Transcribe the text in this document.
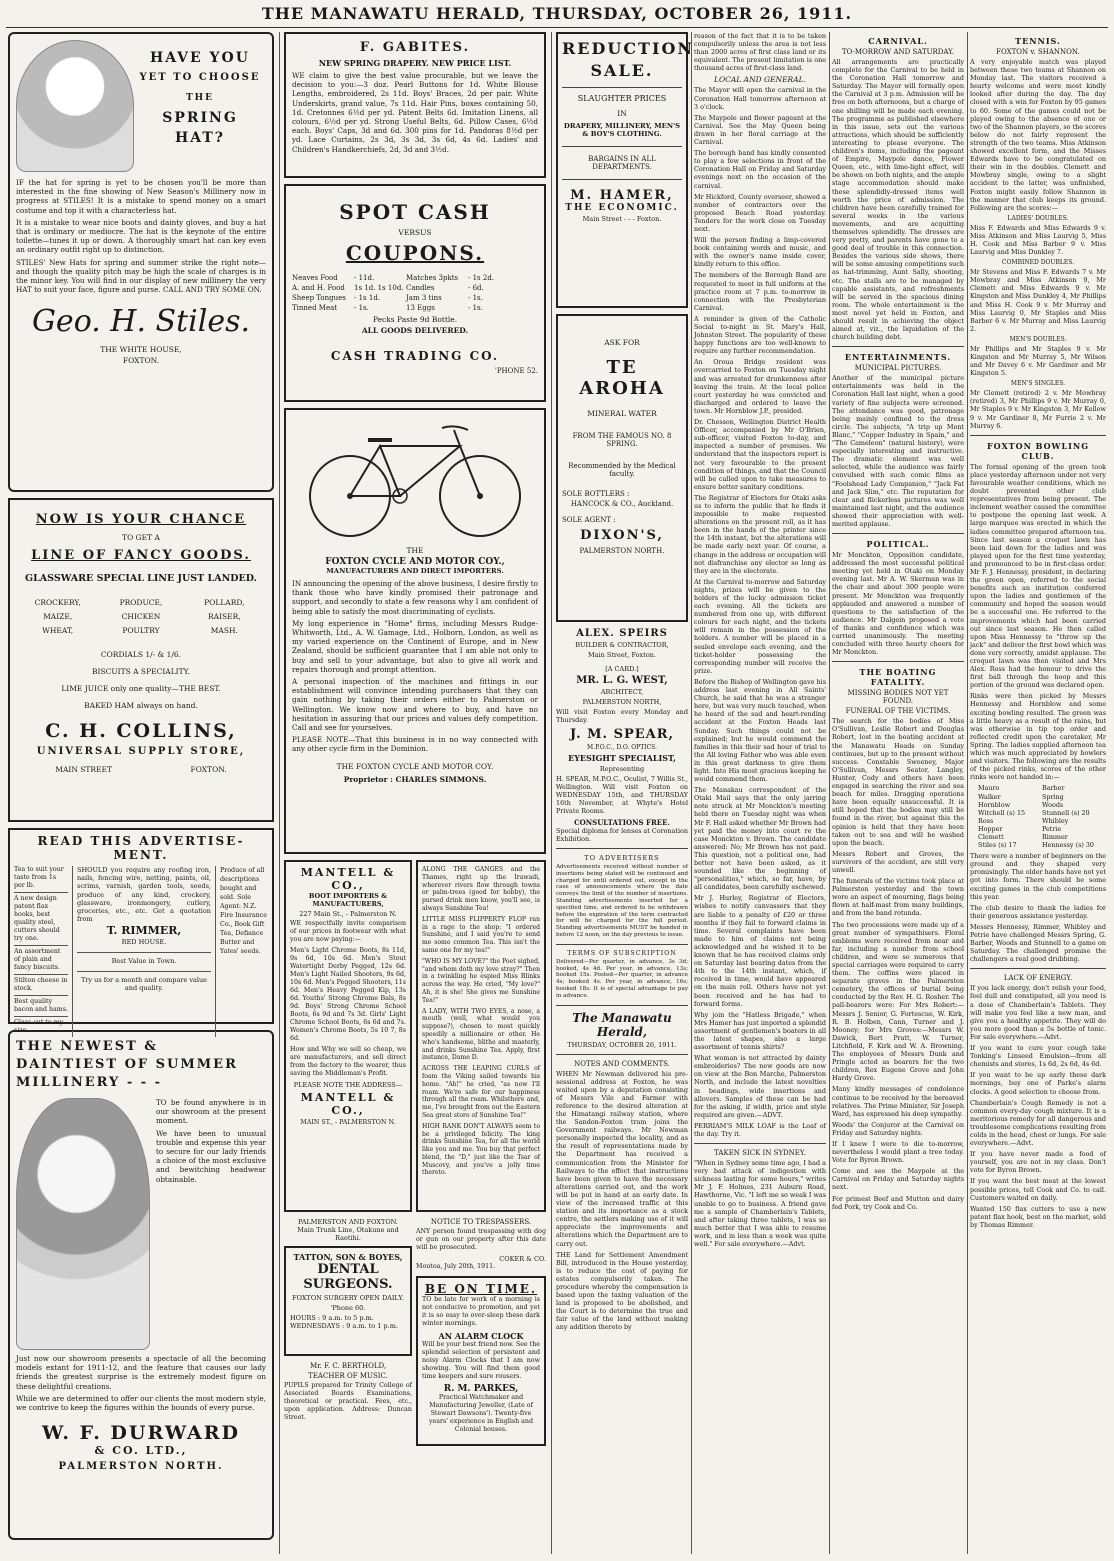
THE MANAWATU HERALD, THURSDAY, OCTOBER 26, 1911.
HAVE YOU
YET TO CHOOSE
THE
SPRING
HAT?

IF the hat for spring is yet to be chosen you'll be more than interested in the fine showing of New Season's Millinery now in progress at STILES! It is a mistake to spend money on a smart costume and top it with a characterless hat.

It is a mistake to wear nice boots and dainty gloves, and buy a hat that is ordinary or mediocre. The hat is the keynote of the entire toilette—tunes it up or down. A thoroughly smart hat can key even an ordinary outfit right up to distinction.

STILES' New Hats for spring and summer strike the right note—and though the quality pitch may be high the scale of charges is in the minor key. You will find in our display of new millinery the very HAT to suit your face, figure and purse. CALL AND TRY SOME ON.

Geo. H. Stiles.
THE WHITE HOUSE,
FOXTON.
NOW IS YOUR CHANCE
TO GET A
LINE OF FANCY GOODS.
GLASSWARE SPECIAL LINE JUST LANDED.
CROCKERY,	PRODUCE,	POLLARD,
MAIZE,	CHICKEN	RAISER,
WHEAT,	POULTRY	MASH.
CORDIALS 1/- & 1/6.
BISCUITS A SPECIALITY.
LIME JUICE only one quality—THE BEST.
BAKED HAM always on hand.
C. H. COLLINS,
UNIVERSAL SUPPLY STORE,
MAIN STREET	FOXTON.
READ THIS ADVERTISE-MENT.
Tea to suit your taste from 1s per lb.
A new design patent flax hooks, best quality steel, cutters should try one.
An assortment of plain and fancy biscuits.
Stilton cheese in stock.
Best quality bacon and hams.
Glass cut to my size.
SHOULD you require any roofing iron, nails, fencing wire, netting, paints, oil, scrims, varnish, garden tools, seeds, produce of any kind, crockery, glassware, ironmongery, cutlery, groceries, etc., etc. Get a quotation from
T. RIMMER,
RED HOUSE.
Best Value in Town.
Try us for a month and compare value and quality.
Produce of all descriptions bought and sold. Sole Agent: N.Z. Fire Insurance Co., Book Gift Tea, Defiance Butter and Yates' seeds.
THE NEWEST & DAINTIEST OF SUMMER MILLINERY - - -

TO be found anywhere is in our showroom at the present moment.

We have been to unusual trouble and expense this year to secure for our lady friends a choice of the most exclusive and bewitching headwear obtainable.

Just now our showroom presents a spectacle of all the becoming models extant for 1911-12, and the feature that causes our lady friends the greatest surprise is the extremely modest figure on these delightful creations.

While we are determined to offer our clients the most modern style, we contrive to keep the figures within the bounds of every purse.

W. F. DURWARD
& CO. LTD.,
PALMERSTON NORTH.
F. GABITES.
NEW SPRING DRAPERY. NEW PRICE LIST.

WE claim to give the best value procurable, but we leave the decision to you:—3 doz. Pearl Buttons for 1d. White Blouse Lengths, embroidered, 2s 11d. Boys' Braces, 2d per pair. White Underskirts, grand value, 7s 11d. Hair Pins, boxes containing 50, 1d. Cretonnes 6½d per yd. Patent Belts 6d. Imitation Linens, all colours, 6½d per yd. Strong Useful Belts, 6d. Pillow Cases, 6½d each. Boys' Caps, 3d and 6d. 300 pins for 1d. Pandoras 8½d per yd. Lace Curtains, 2s 3d, 3s 3d, 3s 6d, 4s 6d. Ladies' and Children's Handkerchiefs, 2d, 3d and 3½d.

SPOT CASH
VERSUS
COUPONS.
Neaves Food	- 11d.	Matches 3pkts	- 1s 2d.
A. and H. Food	1s 1d. 1s 10d. Candles	- 6d.
Sheep Tongues	- 1s 1d.	Jam 3 tins	- 1s.
Tinned Meat	- 1s.	13 Eggs	- 1s.
Pecks Paste 9d Bottle.
ALL GOODS DELIVERED.
CASH TRADING CO.
'PHONE 52.
THE
FOXTON CYCLE AND MOTOR COY.,
MANUFACTURERS AND DIRECT IMPORTERS.

IN announcing the opening of the above business, I desire firstly to thank those who have kindly promised their patronage and support, and secondly to state a few reasons why I am confident of being able to satisfy the most discriminating of cyclists.

My long experience in "Home" firms, including Messrs Rudge-Whitworth, Ltd., A. W. Gamage, Ltd., Holborn, London, as well as my varied experience on the Continent of Europe, and in New Zealand, should be sufficient guarantee that I am able not only to buy and sell to your advantage, but also to give all work and repairs thorough and prompt attention.

A personal inspection of the machines and fittings in our establishment will convince intending purchasers that they can gain nothing by taking their orders either to Palmerston or Wellington. We know now and where to buy, and have no hesitation in assuring that our prices and values defy competition. Call and see for yourselves.

PLEASE NOTE—That this business is in no way connected with any other cycle firm in the Dominion.

THE FOXTON CYCLE AND MOTOR COY.
Proprietor : CHARLES SIMMONS.
MANTELL & CO.,
BOOT IMPORTERS & MANUFACTURERS,
227 Main St., - Palmerston N.

WE respectfully invite comparison of our prices in footwear with what you are now paying:—

Men's Light Chrome Boots, 8s 11d, 9s 6d, 10s 6d. Men's Stout Watertight Derby Pegged, 12s 6d. Men's Light Nailed Shooters, 9s 6d, 10s 6d. Men's Pegged Shooters, 11s 6d. Men's Heavy Pegged Kip, 13s 6d. Youths' Strong Chrome Bals, 8s 9d. Boys' Strong Chrome School Boots, 6s 9d and 7s 3d. Girls' Light Chrome School Boots, 6s 6d and 7s. Women's Chrome Boots, 5s 10 7, 8s 6d.

How and Why we sell so cheap, we are manufacturers, and sell direct from the factory to the wearer, thus saving the Middleman's Profit.

PLEASE NOTE THE ADDRESS—
MANTELL & CO.,
MAIN ST., - PALMERSTON N.
PALMERSTON AND FOXTON.
Main Trunk Line, Otakune and Raetihi.
TATTON, SON & BOYES,
DENTAL SURGEONS.
FOXTON SURGERY OPEN DAILY.
'Phone 60.
HOURS : 9 a.m. to 5 p.m.
WEDNESDAYS : 9 a.m. to 1 p.m.
Mr. F. C. BERTHOLD,
TEACHER OF MUSIC.

PUPILS prepared for Trinity College of Associated Boards Examinations, theoretical or practical. Fees, etc., upon application. Address: Duncan Street.

ALONG THE GANGES and the Thames, right up the Irawadi, wherever rivers flow through towns or palm-trees (good for hobby), the pursed drink men know, you'll see, is always Sunshine Tea!

LITTLE MISS FLIPPERTY FLOP ran in a rage to the shop: "I ordered Sunshine, and I said you're to send me some common Tea. This isn't the same one for my tea!"

"WHO IS MY LOVE?" the Poet sighed, "and whom doth my love stray?" Then in a twinkling he espied Miss Blinks across the way. He cried, "My love?" Ah, it is she! She gives me Sunshine Tea!"

A LADY, WITH TWO EYES, a nose, a mouth (well, what would you suppose?), chosen to most quickly speedily a millionaire or other. He who's handsome, blithe and masterly, and drinks Sunshine Tea. Apply, first instance, Dame D.

ACROSS THE LEAPING CURLS of foam the Viking sailed towards his home. "Ah!" he cried, "as now I'll roam. We're safe for our happiness through all the roam. Whilsthere and, me, I've brought from out the Eastern Sea great store of Sunshine Tea!"

HIGH RANK DON'T ALWAYS seem to be a privileged felicity. The king drinks Sunshine Tea, for all the world like you and me. You buy that perfect blend, the "D," just like the Tsar of Muscovy, and you've a jolly time thereto.

NOTICE TO TRESPASSERS.

ANY person found trespassing with dog or gun on our property after this date will be prosecuted.

COKER & CO.
Moutoa, July 20th, 1911.
BE ON TIME.

TO be late for work of a morning is not conducive to promotion, and yet it is so easy to over-sleep these dark winter mornings.

AN ALARM CLOCK

Will be your best friend now. See the splendid selection of persistent and noisy Alarm Clocks that I am now showing. You will find them good time keepers and sure rousers.

R. M. PARKES,

Practical Watchmaker and Manufacturing Jeweller, (Late of Stewart Dawsons'). Twenty-five years' experience in English and Colonial houses.

REDUCTION SALE.
SLAUGHTER PRICES
IN
DRAPERY, MILLINERY, MEN'S & BOY'S CLOTHING.
BARGAINS IN ALL DEPARTMENTS.
M. HAMER,
THE ECONOMIC.
Main Street - - - Foxton.
ASK FOR
TE AROHA
MINERAL WATER
FROM THE FAMOUS NO. 8 SPRING.
Recommended by the Medical faculty.
SOLE BOTTLERS :
HANCOCK & CO., Auckland.
SOLE AGENT :
DIXON'S,
PALMERSTON NORTH.
ALEX. SPEIRS
BUILDER & CONTRACTOR,
Main Street, Foxton.
[A CARD.]
MR. L. G. WEST,
ARCHITECT,
PALMERSTON NORTH,

Will visit Foxton every Monday and Thursday.

J. M. SPEAR,
M.P.O.C., D.O. OPTICS.
EYESIGHT SPECIALIST,
Representing

H. SPEAR, M.P.O.C., Oculist, 7 Willis St., Wellington. Will visit Foxton on WEDNESDAY 15th, and THURSDAY 16th November, at Whyte's Hotel Private Rooms.

CONSULTATIONS FREE.

Special diploma for lenses at Coronation Exhibition.

TO ADVERTISERS

Advertisements received without number of insertions being stated will be continued and charged for until ordered out, except in the case of announcements where the date conveys the limit of the number of insertions. Standing advertisements inserted for a specified time, and ordered to be withdrawn before the expiration of the term contracted for will be charged for the full period. Standing advertisements MUST be handed in before 12 noon, on the day previous to issue.

TERMS OF SUBSCRIPTION

Delivered—Per quarter, in advance, 3s 3d; booked, 4s 4d. Per year, in advance, 13s; booked 15s. Posted—Per quarter, in advance 4s; booked 4s. Per year, in advance, 16s; booked 18s. It is of special advantage to pay in advance.

The Manawatu Herald,
THURSDAY, OCTOBER 26, 1911.
NOTES AND COMMENTS.

WHEN Mr Newman delivered his pre-sessional address at Foxton, he was waited upon by a deputation consisting of Messrs Vile and Farmer with reference to the desired alteration at the Himatangi railway station, where the Sandon-Foxton tram joins the Government railways. Mr Newman personally inspected the locality, and as the result of representations made by the Department has received a communication from the Minister for Railways to the effect that instructions have been given to have the necessary alterations carried out, and the work will be put in hand at an early date. In view of the increased traffic at this station and its importance as a stock centre, the settlers making use of it will appreciate the improvements and alterations which the Department are to carry out.

THE Land for Settlement Amendment Bill, introduced in the House yesterday, is to reduce the cost of paying for estates compulsorily taken. The procedure whereby the compensation is based upon the taxing valuation of the land is proposed to be abolished, and the Court is to determine the true and fair value of the land without making any addition thereto by

reason of the fact that it is to be taken compulsorily unless the area is not less than 2000 acres of first class land or its equivalent. The present limitation is one thousand acres of first-class land.

LOCAL AND GENERAL.

The Mayor will open the carnival in the Coronation Hall tomorrow afternoon at 3 o'clock.

The Maypole and flower pageant at the Carnival. See the May Queen being drawn in her floral carriage at the Carnival.

The borough band has kindly consented to play a few selections in front of the Coronation Hall on Friday and Saturday evenings next on the occasion of the carnival.

Mr Hickford, County overseer, showed a number of contractors over the proposed Beach Road yesterday. Tenders for the work close on Tuesday next.

Will the person finding a limp-covered book containing words and music, and with the owner's name inside cover, kindly return to this office.

The members of the Borough Band are requested to meet in full uniform at the practice room at 7 p.m. to-morrow in connection with the Presbyterian Carnival.

A reminder is given of the Catholic Social to-night in St. Mary's Hall, Johnston Street. The popularity of these happy functions are too well-known to require any further recommendation.

An Oroua Bridge resident was overcarried to Foxton on Tuesday night and was arrested for drunkenness after leaving the train. At the local police court yesterday he was convicted and discharged and ordered to leave the town. Mr Hornblow J.P., presided.

Dr. Chesson, Wellington District Health Officer, accompanied by Mr O'Brien, sub-officer, visited Foxton to-day, and inspected a number of premises. We understand that the inspectors report is not very favourable to the present condition of things, and that the Council will be called upon to take measures to ensure better sanitary conditions.

The Registrar of Electors for Otaki asks us to inform the public that he finds it impossible to make requested alterations on the present roll, as it has been in the hands of the printer since the 14th instant, but the alterations will be made early next year. Of course, a change in the address or occupation will not disfranchise any elector so long as they are in the electorate.

At the Carnival to-morrow and Saturday nights, prizes will be given to the holders of the lucky admission ticket each evening. All the tickets are numbered from one up, with different colours for each night, and the tickets will remain in the possession of the holders. A number will be placed in a sealed envelope each evening, and the ticket-holder possessing the corresponding number will receive the prize.

Before the Bishop of Wellington gave his address last evening in All Saints' Church, he said that he was a stranger here, but was very much touched, when he heard of the sad and heart-rending accident at the Foxton Heads last Sunday. Such things could not be explained; but he would commend the families in this their sad hour of trial to the All loving Father who was able even in this great darkness to give them light. Into His most gracious keeping he would commend them.

The Manakau correspondent of the Otaki Mail says that the only jarring note struck at Mr Monckton's meeting held there on Tuesday night was when Mr F. Hall asked whether Mr Brown had yet paid the money into court re the case Monckton v. Brown. The candidate answered: No; Mr Brown has not paid. This question, not a political one, had better not have been asked, as it sounded like the beginning of "personalities," which, so far, have, by all candidates, been carefully eschewed.

Mr J. Hurley, Registrar of Electors, wishes to notify canvassers that they are liable to a penalty of £20 or three months if they fail to forward claims in time. Several complaints have been made to him of claims not being acknowledged and he wished it to be known that he has received claims only on Saturday last bearing dates from the 4th to the 14th instant, which, if received in time, would have appeared on the main roll. Others have not yet been received and he has had to forward forms.

Why join the "Hatless Brigade," when Mrs Hamer has just imported a splendid assortment of gentlemen's boaters in all the latest shapes, also a large assortment of tennis shirts?

What woman is not attracted by dainty embroideries? The new goods are now on view at the Bon Marche, Palmerston North, and include the latest novelties in beadings, wide insertions and allovers. Samples of these can be had for the asking, if width, price and style required are given.—ADVT.

PERRIAM'S MILK LOAF is the Loaf of the day. Try it.

TAKEN SICK IN SYDNEY.

"When in Sydney some time ago, I had a very bad attack of indigestion with sickness lasting for some hours," writes Mr J. F. Holmes, 231 Auburn Road, Hawthorne, Vic. "I left me so weak I was unable to go to business. A friend gave me a sample of Chamberlain's Tablets, and after taking three tablets, I was so much better that I was able to resume work, and in less than a week was quite well." For sale everywhere.—Advt.

CARNIVAL.
TO-MORROW AND SATURDAY.

All arrangements are practically complete for the Carnival to be held in the Coronation Hall tomorrow and Saturday. The Mayor will formally open the Carnival at 3 p.m. Admission will be free on both afternoons, but a charge of one shilling will be made each evening. The programme as published elsewhere in this issue, sets out the various attractions, which should be sufficiently interesting to please everyone. The children's items, including the pageant of Empire, Maypole dance, Flower Queen, etc., with lime-light effect, will be shown on both nights, and the ample stage accommodation should make these splendidly-dressed items well worth the price of admission. The children have been carefully trained for several weeks in the various movements, and are acquitting themselves splendidly. The dresses are very pretty, and parents have gone to a good deal of trouble in this connection. Besides the various side shows, there will be some amusing competitions such as hat-trimming, Aunt Sally, shooting, etc. The stalls are to be managed by capable assistants, and refreshments will be served in the spacious dining room. The whole entertainment is the most novel yet held in Foxton, and should result in achieving the object aimed at, viz., the liquidation of the church building debt.

ENTERTAINMENTS.
MUNICIPAL PICTURES.

Another of the municipal picture entertainments was held in the Coronation Hall last night, when a good variety of fine subjects were screened. The attendance was good, patronage being mainly confined to the dress circle. The subjects, "A trip up Mont Blanc," "Copper Industry in Spain," and "The Cameleon" (natural history), were especially interesting and instructive. The dramatic element was well selected, while the audience was fairly convulsed with such comic films as "Foolshead Lady Companion," "Jack Fat and Jack Slim," etc. The reputation for clear and flickerless pictures was well maintained last night, and the audience showed their appreciation with well-merited applause.

POLITICAL.

Mr Monckton, Opposition candidate, addressed the most successful political meeting yet held in Otaki on Monday evening last. Mr A. W. Skerman was in the chair and about 300 people were present. Mr Monckton was frequently applauded and answered a number of questions to the satisfaction of the audience. Mr Dalgein proposed a vote of thanks and confidence which was carried unanimously. The meeting concluded with three hearty cheers for Mr Monckton.

THE BOATING FATALITY.
MISSING BODIES NOT YET FOUND.
FUNERAL OF THE VICTIMS.

The search for the bodies of Miss O'Sullivan, Leslie Robert and Douglas Robert, lost in the boating accident at the Manawatu Heads on Sunday continues, but up to the present without success. Constable Sweeney, Major O'Sullivan, Messrs Seator, Langley, Hunter, Cody and others have been engaged in searching the river and sea beach for miles. Dragging operations have been equally unsuccessful. It is still hoped that the bodies may still be found in the river, but against this the opinion is held that they have been taken out to sea and will be washed upon the beach.

Messrs Robert and Groves, the survivors of the accident, are still very unwell.

The funerals of the victims took place at Palmerston yesterday and the town wore an aspect of mourning, flags being flown at half-mast from many buildings, and from the band rotunda.

The two processions were made up of a great number of sympathisers. Floral emblems were received from near and far, including a number from school children, and were so numerous that special carriages were required to carry them. The coffins were placed in separate graves in the Palmerston cemetery, the offices of burial being conducted by the Rev. H. G. Rosher. The pall-bearers were: For Mrs Robert:—Messrs J. Senior, G. Fortescue, W. Kirk, R. B. Holben, Cann, Turner and J. Mooney; for Mrs Groves:—Messrs W. Dawick, Bert Pratt, W. Turner, Litchfield, F. Kirk and W. A. Browning. The employees of Messrs Dunk and Pringle acted as bearers for the two children, Rex Eugene Grove and John Hardy Grove.

Many kindly messages of condolence continue to be received by the bereaved relatives. The Prime Minister, Sir Joseph Ward, has expressed his deep sympathy.

Woods' the Conjuror at the Carnival on Friday and Saturday nights.

If I knew I were to die to-morrow, nevertheless I would plant a tree today. Vote for Byron Brown.

Come and see the Maypole at the Carnival on Friday and Saturday nights next.

For primest Beef and Mutton and dairy fed Pork, try Cook and Co.

TENNIS.
FOXTON v. SHANNON.

A very enjoyable match was played between these two teams at Shannon on Monday last. The visitors received a hearty welcome and were most kindly looked after during the day. The day closed with a win for Foxton by 95 games to 60. Some of the games could not be played owing to the absence of one or two of the Shannon players, so the scores below do not fairly represent the strength of the two teams. Miss Atkinson showed excellent form, and the Misses Edwards have to be congratulated on their win in the doubles. Clemett and Mowbray single, owing to a slight accident to the latter, was unfinished, Foxton might easily follow Shannon in the manner that club keeps its ground. Following are the scores:—

LADIES' DOUBLES.

Miss F. Edwards and Miss Edwards 9 v. Miss Atkinson and Miss Laurvig 5, Miss H. Cook and Miss Barber 9 v. Miss Laurvig and Miss Dunkley 7.

COMBINED DOUBLES.

Mr Stevens and Miss F. Edwards 7 v. Mr Mowbray and Miss Atkinson 9, Mr Clemett and Miss Edwards 9 v. Mr Kingston and Miss Dunkley 4, Mr Phillips and Miss H. Cook 9 v. Mr Murray and Miss Laurvig 0, Mr Staples and Miss Barber 6 v. Mr Murray and Miss Laurvig 2.

MEN'S DOUBLES.

Mr Phillips and Mr Staples 9 v. Mr Kingston and Mr Murray 5, Mr Wilson and Mr Davey 6 v. Mr Gardiner and Mr Kingston 5.

MEN'S SINGLES.

Mr Clemett (retired) 2 v. Mr Mowbray (retired) 3, Mr Phillips 9 v. Mr Murray 0, Mr Staples 9 v. Mr Kingston 3, Mr Kellow 9 v. Mr Gardiner 8, Mr Furrie 2 v. Mr Murray 6.

FOXTON BOWLING CLUB.

The formal opening of the green took place yesterday afternoon under not very favourable weather conditions, which no doubt prevented other club representatives from being present. The inclement weather caused the committee to postpone the opening last week. A large marquee was erected in which the ladies committee prepared afternoon tea. Since last season a croquet lawn has been laid down for the ladies and was played upon for the first time yesterday, and pronounced to be in first-class order. Mr F. J. Hennessy, president, in declaring the green open, referred to the social benefits such an institution conferred upon the ladies and gentlemen of the community and hoped the season would be a successful one. He referred to the improvements which had been carried out since last season. He then called upon Miss Hennessy to "throw up the jack" and deliver the first bowl which was done very correctly, amidst applause. The croquet lawn was then visited and Mrs Alex. Ross had the honour to drive the first ball through the hoop and this portion of the ground was declared open.

Rinks were then picked by Messrs Hennessy and Hornblow and some exciting bowling resulted. The green was a little heavy as a result of the rains, but was otherwise in tip top order and reflected credit upon the caretaker, Mr Spring. The ladies supplied afternoon tea which was much appreciated by bowlers and visitors. The following are the results of the picked rinks, scores of the other rinks were not handed in:—

Mauro	Barber
Walker	Spring
Hornblow	Woods
Witchell (s) 15	Stunnell (s) 20
Ross	Whibley
Hopper	Petrie
Clemett	Rimmer
Stiles (s) 17	Hennessy (s) 30

There were a number of beginners on the ground and they shaped very promisingly. The older hands have not yet got into form. There should be some exciting games in the club competitions this year.

The club desire to thank the ladies for their generous assistance yesterday.

Messrs Hennessy, Rimmer, Whibley and Petrie have challenged Messrs Spring, G. Barber, Woods and Stunnell to a game on Saturday. The challenged promise the challengers a real good drubbing.

LACK OF ENERGY.

If you lack energy, don't relish your food, feel dull and constipated, all you need is a dose of Chamberlain's Tablets. They will make you feel like a new man, and give you a healthy appetite. They will do you more good than a 5s bottle of tonic. For sale everywhere.—Advt.

If you want to cure your cough take Tonking's Linseed Emulsion—from all chemists and stores, 1s 6d, 2s 6d, 4s 6d.

If you want to be up early these dark mornings, buy one of Parke's alarm clocks. A good selection to choose from.

Chamberlain's Cough Remedy is not a common every-day cough mixture. It is a meritorious remedy for all dangerous and troublesome complications resulting from colds in the head, chest or lungs. For sale everywhere.—Advt.

If you have never made a food of yourself, you are not in my class. Don't vote for Byron Brown.

If you want the best meat at the lowest possible prices, tell Cook and Co. to call. Customers waited on daily.

Wanted 150 flax cutters to use a new patent flax hook, best on the market, sold by Thomas Rimmer.
